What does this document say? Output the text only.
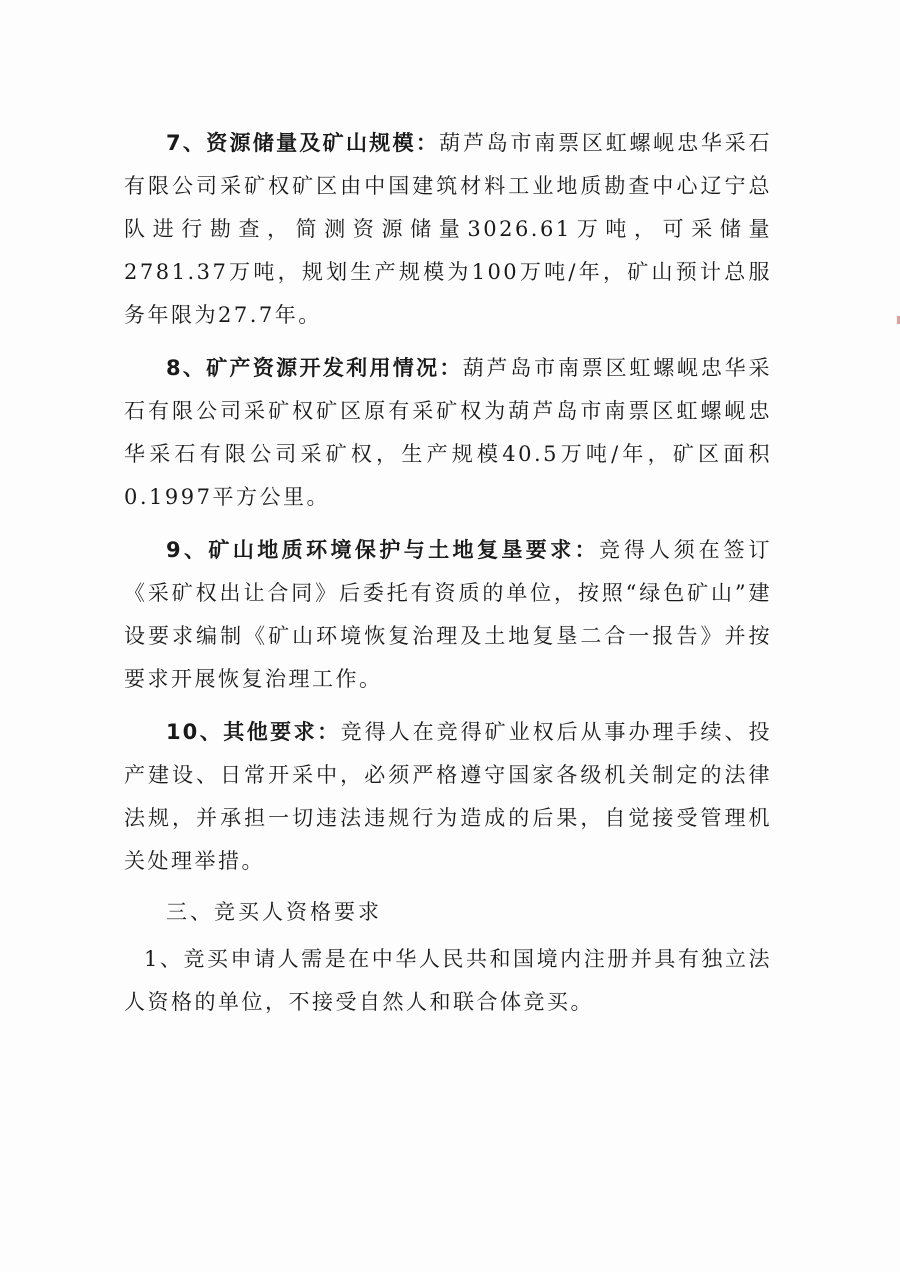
7、资源储量及矿山规模：葫芦岛市南票区虹螺岘忠华采石有限公司采矿权矿区由中国建筑材料工业地质勘查中心辽宁总队进行勘查，简测资源储量3026.61万吨，可采储量2781.37万吨，规划生产规模为100万吨/年，矿山预计总服务年限为27.7年。

8、矿产资源开发利用情况：葫芦岛市南票区虹螺岘忠华采石有限公司采矿权矿区原有采矿权为葫芦岛市南票区虹螺岘忠华采石有限公司采矿权，生产规模40.5万吨/年，矿区面积0.1997平方公里。

9、矿山地质环境保护与土地复垦要求：竞得人须在签订《采矿权出让合同》后委托有资质的单位，按照“绿色矿山”建设要求编制《矿山环境恢复治理及土地复垦二合一报告》并按要求开展恢复治理工作。

10、其他要求：竞得人在竞得矿业权后从事办理手续、投产建设、日常开采中，必须严格遵守国家各级机关制定的法律法规，并承担一切违法违规行为造成的后果，自觉接受管理机关处理举措。

三、竞买人资格要求

1、竞买申请人需是在中华人民共和国境内注册并具有独立法人资格的单位，不接受自然人和联合体竞买。
